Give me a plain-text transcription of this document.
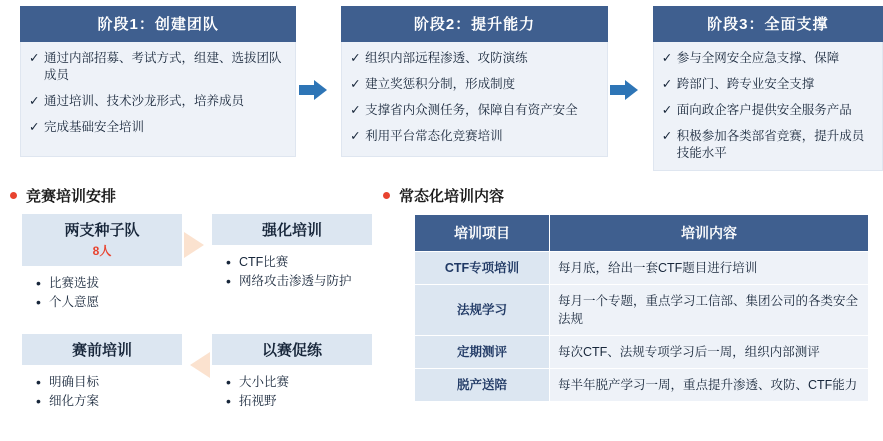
阶段1：创建团队
✓ 通过内部招募、考试方式，组建、选拔团队成员
✓ 通过培训、技术沙龙形式，培养成员
✓ 完成基础安全培训
阶段2：提升能力
✓ 组织内部远程渗透、攻防演练
✓ 建立奖惩积分制，形成制度
✓ 支撑省内众测任务，保障自有资产安全
✓ 利用平台常态化竞赛培训
阶段3：全面支撑
✓ 参与全网安全应急支撑、保障
✓ 跨部门、跨专业安全支撑
✓ 面向政企客户提供安全服务产品
✓ 积极参加各类部省竞赛，提升成员技能水平
竞赛培训安排	常态化培训内容
两支种子队
8人
• 比赛选拔
• 个人意愿
强化培训
• CTF比赛
• 网络攻击渗透与防护
赛前培训
• 明确目标
• 细化方案
以赛促练
• 大小比赛
• 拓视野
培训项目	培训内容
CTF专项培训	每月底，给出一套CTF题目进行培训
法规学习	每月一个专题，重点学习工信部、集团公司的各类安全法规
定期测评	每次CTF、法规专项学习后一周，组织内部测评
脱产送陪	每半年脱产学习一周，重点提升渗透、攻防、CTF能力
